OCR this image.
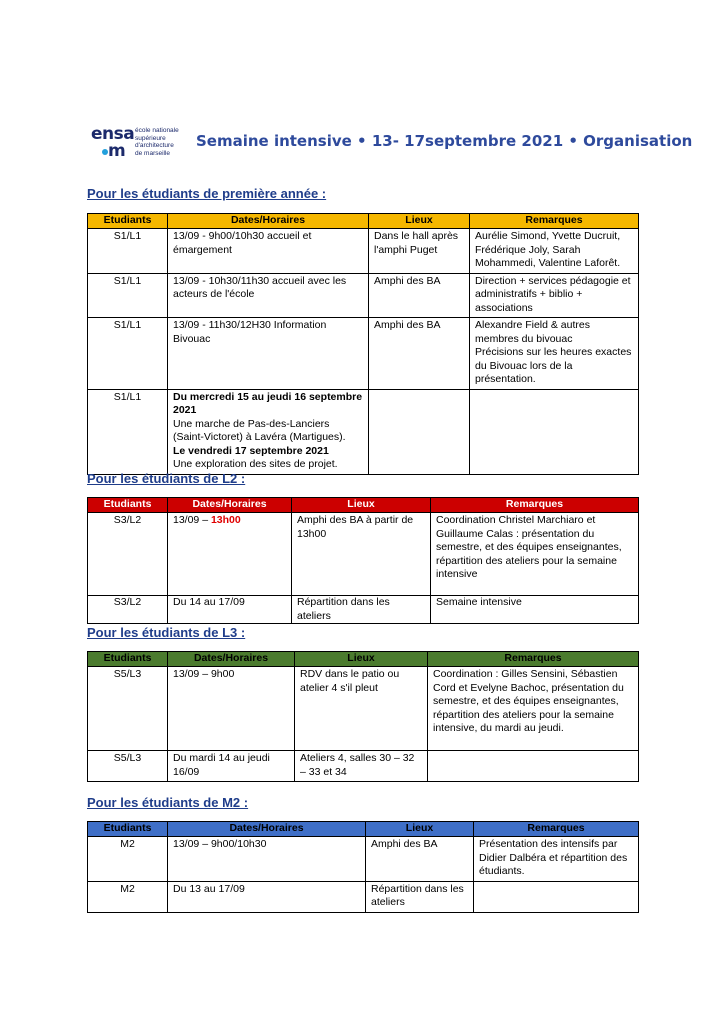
ensa
m
école nationale
supérieure
d'architecture
de marseille
Semaine intensive • 13- 17septembre 2021 • Organisation
Pour les étudiants de première année :
Etudiants	Dates/Horaires	Lieux	Remarques
S1/L1	13/09 - 9h00/10h30 accueil et émargement	Dans le hall après l'amphi Puget	Aurélie Simond, Yvette Ducruit, Frédérique Joly, Sarah Mohammedi, Valentine Laforêt.
S1/L1	13/09 - 10h30/11h30 accueil avec les acteurs de l'école	Amphi des BA	Direction + services pédagogie et administratifs + biblio + associations
S1/L1	13/09 - 11h30/12H30 Information Bivouac	Amphi des BA	Alexandre Field & autres membres du bivouac
Précisions sur les heures exactes du Bivouac lors de la présentation.

S1/L1	Du mercredi 15 au jeudi 16 septembre 2021
Une marche de Pas-des-Lanciers (Saint-Victoret) à Lavéra (Martigues).
Le vendredi 17 septembre 2021
Une exploration des sites de projet.		

Pour les étudiants de L2 :
Etudiants	Dates/Horaires	Lieux	Remarques
S3/L2	13/09 – 13h00	Amphi des BA à partir de 13h00	Coordination Christel Marchiaro et Guillaume Calas : présentation du semestre, et des équipes enseignantes, répartition des ateliers pour la semaine intensive
S3/L2	Du 14 au 17/09	Répartition dans les ateliers	Semaine intensive
Pour les étudiants de L3 :
Etudiants	Dates/Horaires	Lieux	Remarques
S5/L3	13/09 – 9h00	RDV dans le patio ou atelier 4 s'il pleut	Coordination : Gilles Sensini, Sébastien Cord et Evelyne Bachoc, présentation du semestre, et des équipes enseignantes, répartition des ateliers pour la semaine intensive, du mardi au jeudi.
S5/L3	Du mardi 14 au jeudi 16/09	Ateliers 4, salles 30 – 32 – 33 et 34	
Pour les étudiants de M2 :
Etudiants	Dates/Horaires	Lieux	Remarques
M2	13/09 – 9h00/10h30	Amphi des BA	Présentation des intensifs par Didier Dalbéra et répartition des étudiants.
M2	Du 13 au 17/09	Répartition dans les ateliers	
